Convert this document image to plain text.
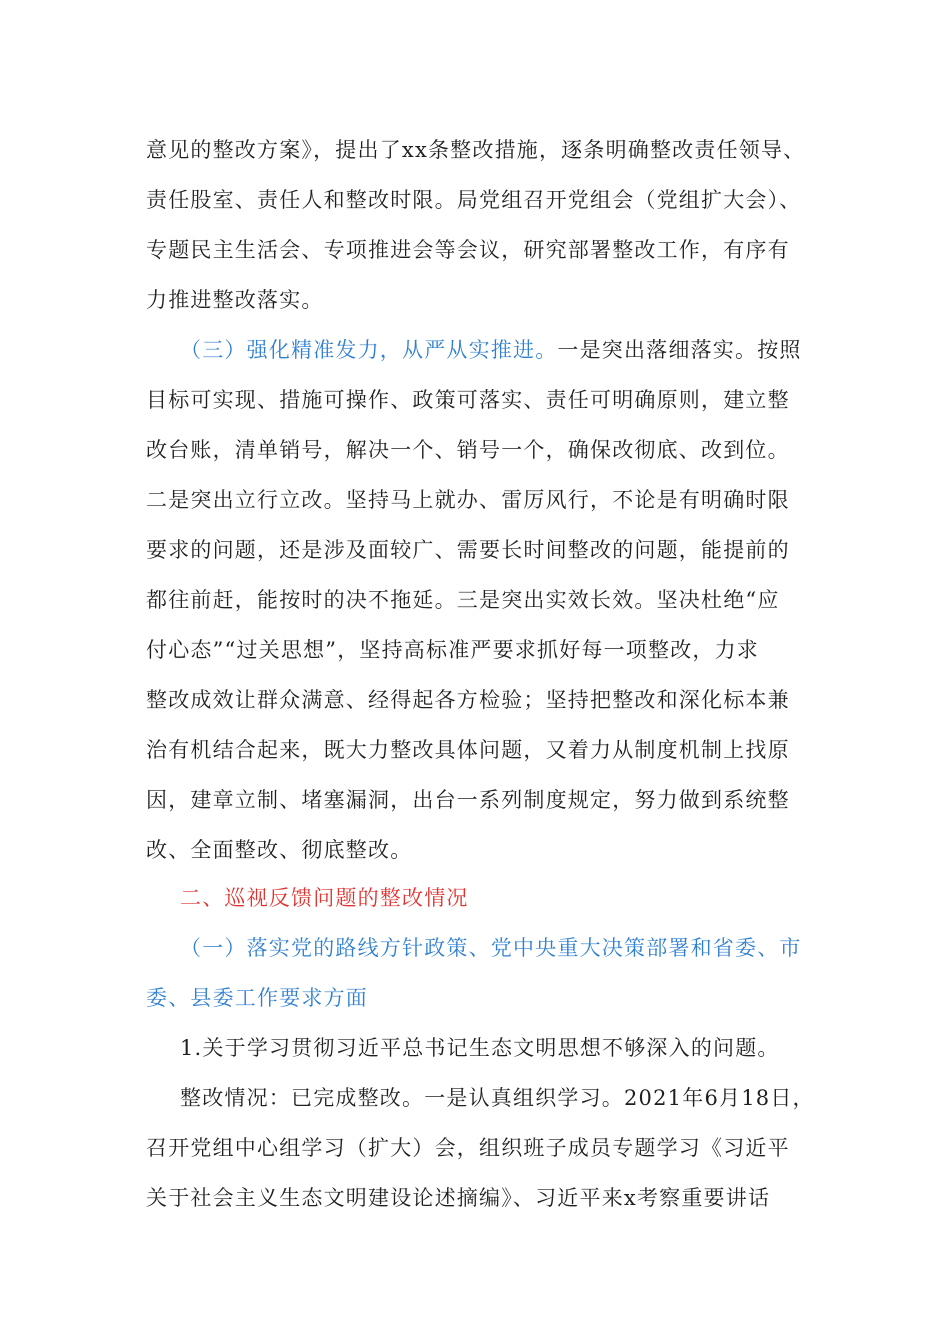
意见的整改方案》，提出了xx条整改措施，逐条明确整改责任领导、
责任股室、责任人和整改时限。局党组召开党组会（党组扩大会）、
专题民主生活会、专项推进会等会议，研究部署整改工作，有序有
力推进整改落实。
（三）强化精准发力，从严从实推进。一是突出落细落实。按照
目标可实现、措施可操作、政策可落实、责任可明确原则，建立整
改台账，清单销号，解决一个、销号一个，确保改彻底、改到位。
二是突出立行立改。坚持马上就办、雷厉风行，不论是有明确时限
要求的问题，还是涉及面较广、需要长时间整改的问题，能提前的
都往前赶，能按时的决不拖延。三是突出实效长效。坚决杜绝“应
付心态”“过关思想”，坚持高标准严要求抓好每一项整改，力求
整改成效让群众满意、经得起各方检验；坚持把整改和深化标本兼
治有机结合起来，既大力整改具体问题，又着力从制度机制上找原
因，建章立制、堵塞漏洞，出台一系列制度规定，努力做到系统整
改、全面整改、彻底整改。
二、巡视反馈问题的整改情况
（一）落实党的路线方针政策、党中央重大决策部署和省委、市
委、县委工作要求方面
1.关于学习贯彻习近平总书记生态文明思想不够深入的问题。
整改情况：已完成整改。一是认真组织学习。2021年6月18日，
召开党组中心组学习（扩大）会，组织班子成员专题学习《习近平
关于社会主义生态文明建设论述摘编》、习近平来x考察重要讲话
